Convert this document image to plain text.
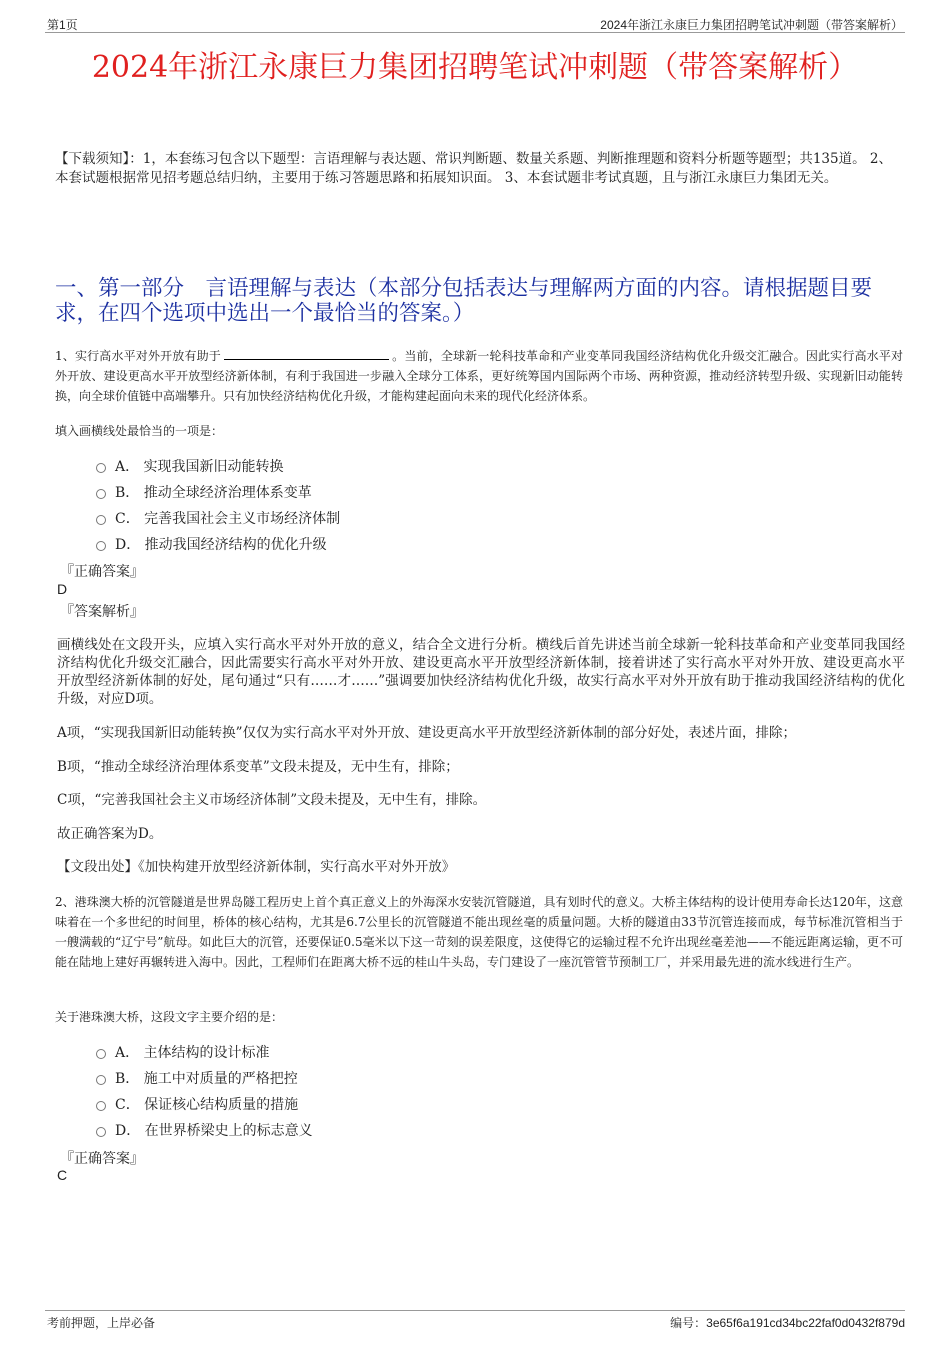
第1页	2024年浙江永康巨力集团招聘笔试冲刺题（带答案解析）
2024年浙江永康巨力集团招聘笔试冲刺题（带答案解析）
【下载须知】：1，本套练习包含以下题型：言语理解与表达题、常识判断题、数量关系题、判断推理题和资料分析题等题型；共135道。 2、本套试题根据常见招考题总结归纳，主要用于练习答题思路和拓展知识面。 3、本套试题非考试真题，且与浙江永康巨力集团无关。
一、第一部分　言语理解与表达（本部分包括表达与理解两方面的内容。请根据题目要求，在四个选项中选出一个最恰当的答案。）
1、实行高水平对外开放有助于	。当前，全球新一轮科技革命和产业变革同我国经济结构优化升级交汇融合。因此实行高水平对外开放、建设更高水平开放型经济新体制，有利于我国进一步融入全球分工体系，更好统筹国内国际两个市场、两种资源，推动经济转型升级、实现新旧动能转换，向全球价值链中高端攀升。只有加快经济结构优化升级，才能构建起面向未来的现代化经济体系。
填入画横线处最恰当的一项是：
A． 实现我国新旧动能转换
B． 推动全球经济治理体系变革
C． 完善我国社会主义市场经济体制
D． 推动我国经济结构的优化升级
『正确答案』
D
『答案解析』
画横线处在文段开头，应填入实行高水平对外开放的意义，结合全文进行分析。横线后首先讲述当前全球新一轮科技革命和产业变革同我国经济结构优化升级交汇融合，因此需要实行高水平对外开放、建设更高水平开放型经济新体制，接着讲述了实行高水平对外开放、建设更高水平开放型经济新体制的好处，尾句通过“只有……才……”强调要加快经济结构优化升级，故实行高水平对外开放有助于推动我国经济结构的优化升级，对应D项。
A项，“实现我国新旧动能转换”仅仅为实行高水平对外开放、建设更高水平开放型经济新体制的部分好处，表述片面，排除；
B项，“推动全球经济治理体系变革”文段未提及，无中生有，排除；
C项，“完善我国社会主义市场经济体制”文段未提及，无中生有，排除。
故正确答案为D。
【文段出处】《加快构建开放型经济新体制，实行高水平对外开放》
2、港珠澳大桥的沉管隧道是世界岛隧工程历史上首个真正意义上的外海深水安装沉管隧道，具有划时代的意义。大桥主体结构的设计使用寿命长达120年，这意味着在一个多世纪的时间里，桥体的核心结构，尤其是6.7公里长的沉管隧道不能出现丝毫的质量问题。大桥的隧道由33节沉管连接而成，每节标准沉管相当于一艘满载的“辽宁号”航母。如此巨大的沉管，还要保证0.5毫米以下这一苛刻的误差限度，这使得它的运输过程不允许出现丝毫差池——不能远距离运输，更不可能在陆地上建好再辗转进入海中。因此，工程师们在距离大桥不远的桂山牛头岛，专门建设了一座沉管管节预制工厂，并采用最先进的流水线进行生产。
关于港珠澳大桥，这段文字主要介绍的是：
A． 主体结构的设计标准
B． 施工中对质量的严格把控
C． 保证核心结构质量的措施
D． 在世界桥梁史上的标志意义
『正确答案』
C
考前押题，上岸必备	编号：3e65f6a191cd34bc22faf0d0432f879d
